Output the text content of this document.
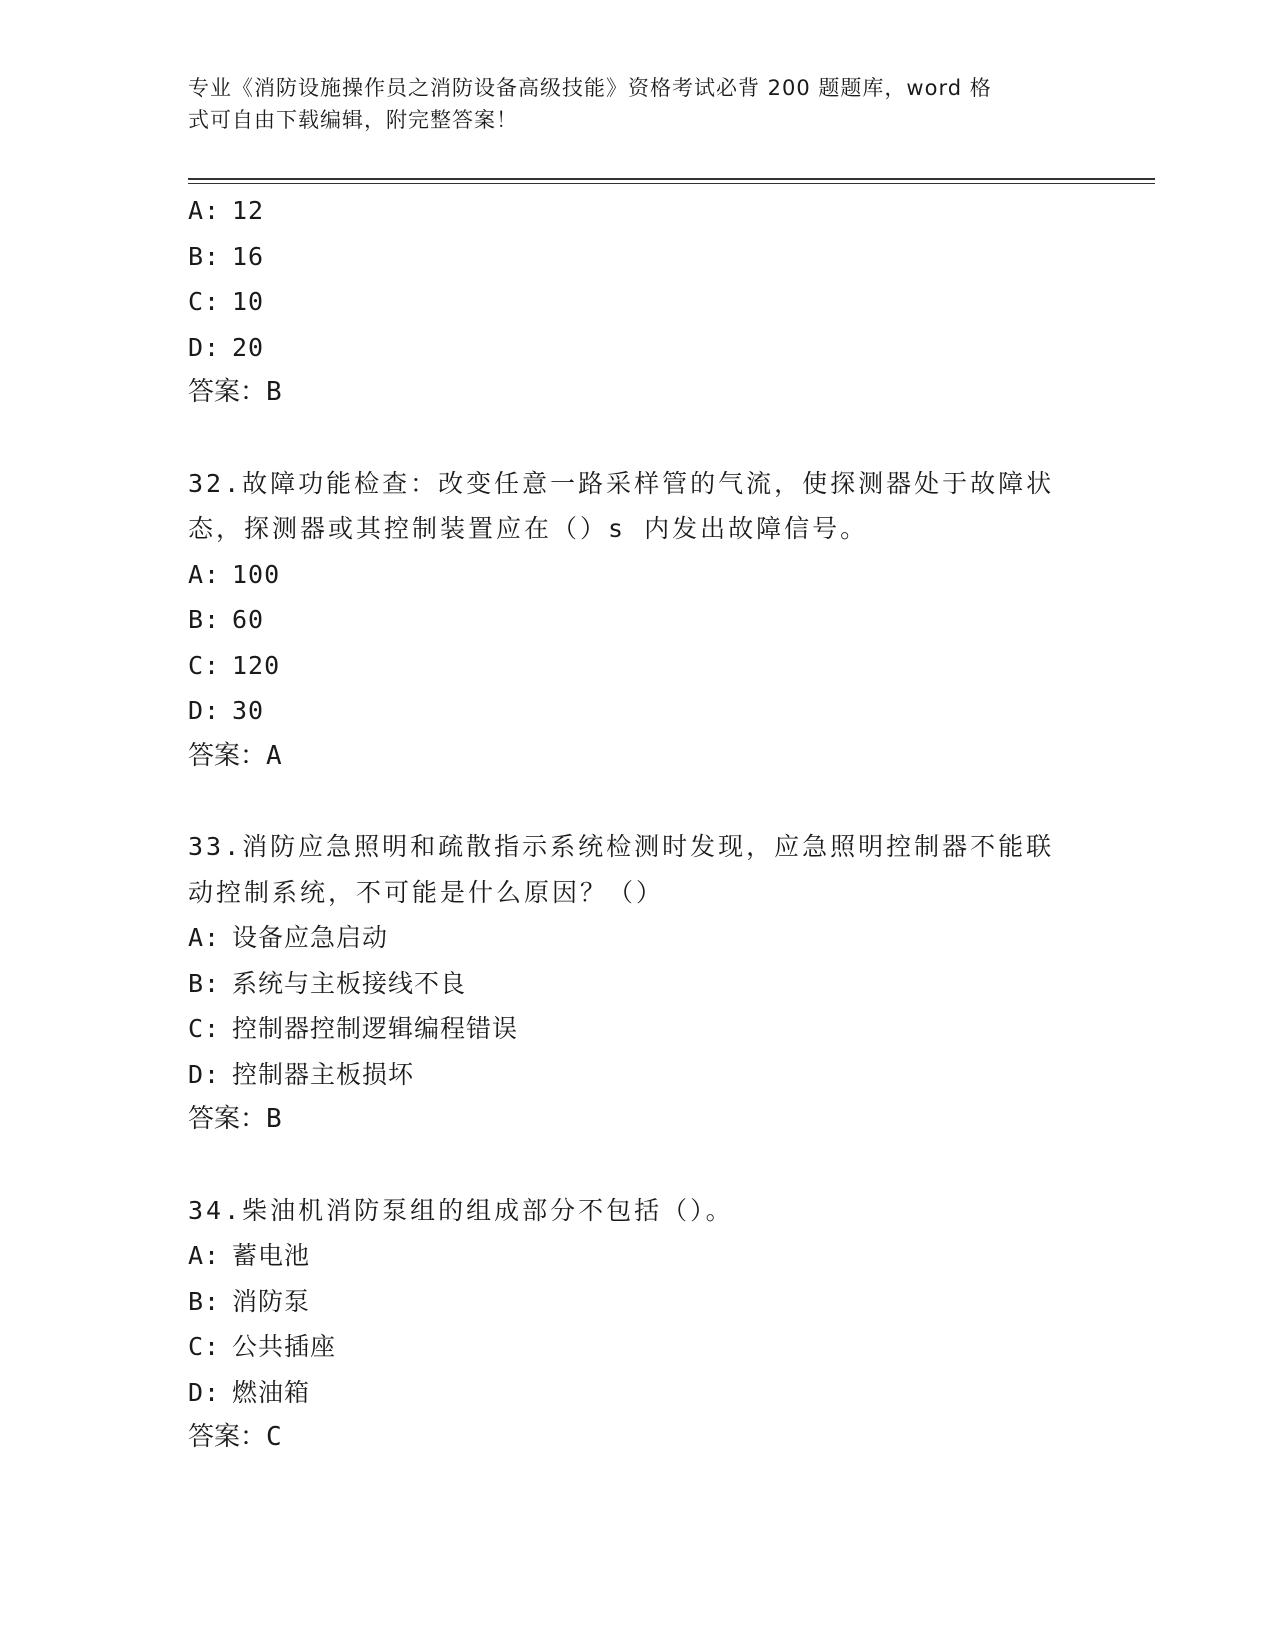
专业《消防设施操作员之消防设备高级技能》资格考试必背 200 题题库，word 格
式可自由下载编辑，附完整答案！
A: 12
B: 16
C: 10
D: 20
答案：B
32.故障功能检查：改变任意一路采样管的气流，使探测器处于故障状
态，探测器或其控制装置应在（）s 内发出故障信号。
A: 100
B: 60
C: 120
D: 30
答案：A
33.消防应急照明和疏散指示系统检测时发现，应急照明控制器不能联
动控制系统，不可能是什么原因？（）
A: 设备应急启动
B: 系统与主板接线不良
C: 控制器控制逻辑编程错误
D: 控制器主板损坏
答案：B
34.柴油机消防泵组的组成部分不包括（）。
A: 蓄电池
B: 消防泵
C: 公共插座
D: 燃油箱
答案：C
